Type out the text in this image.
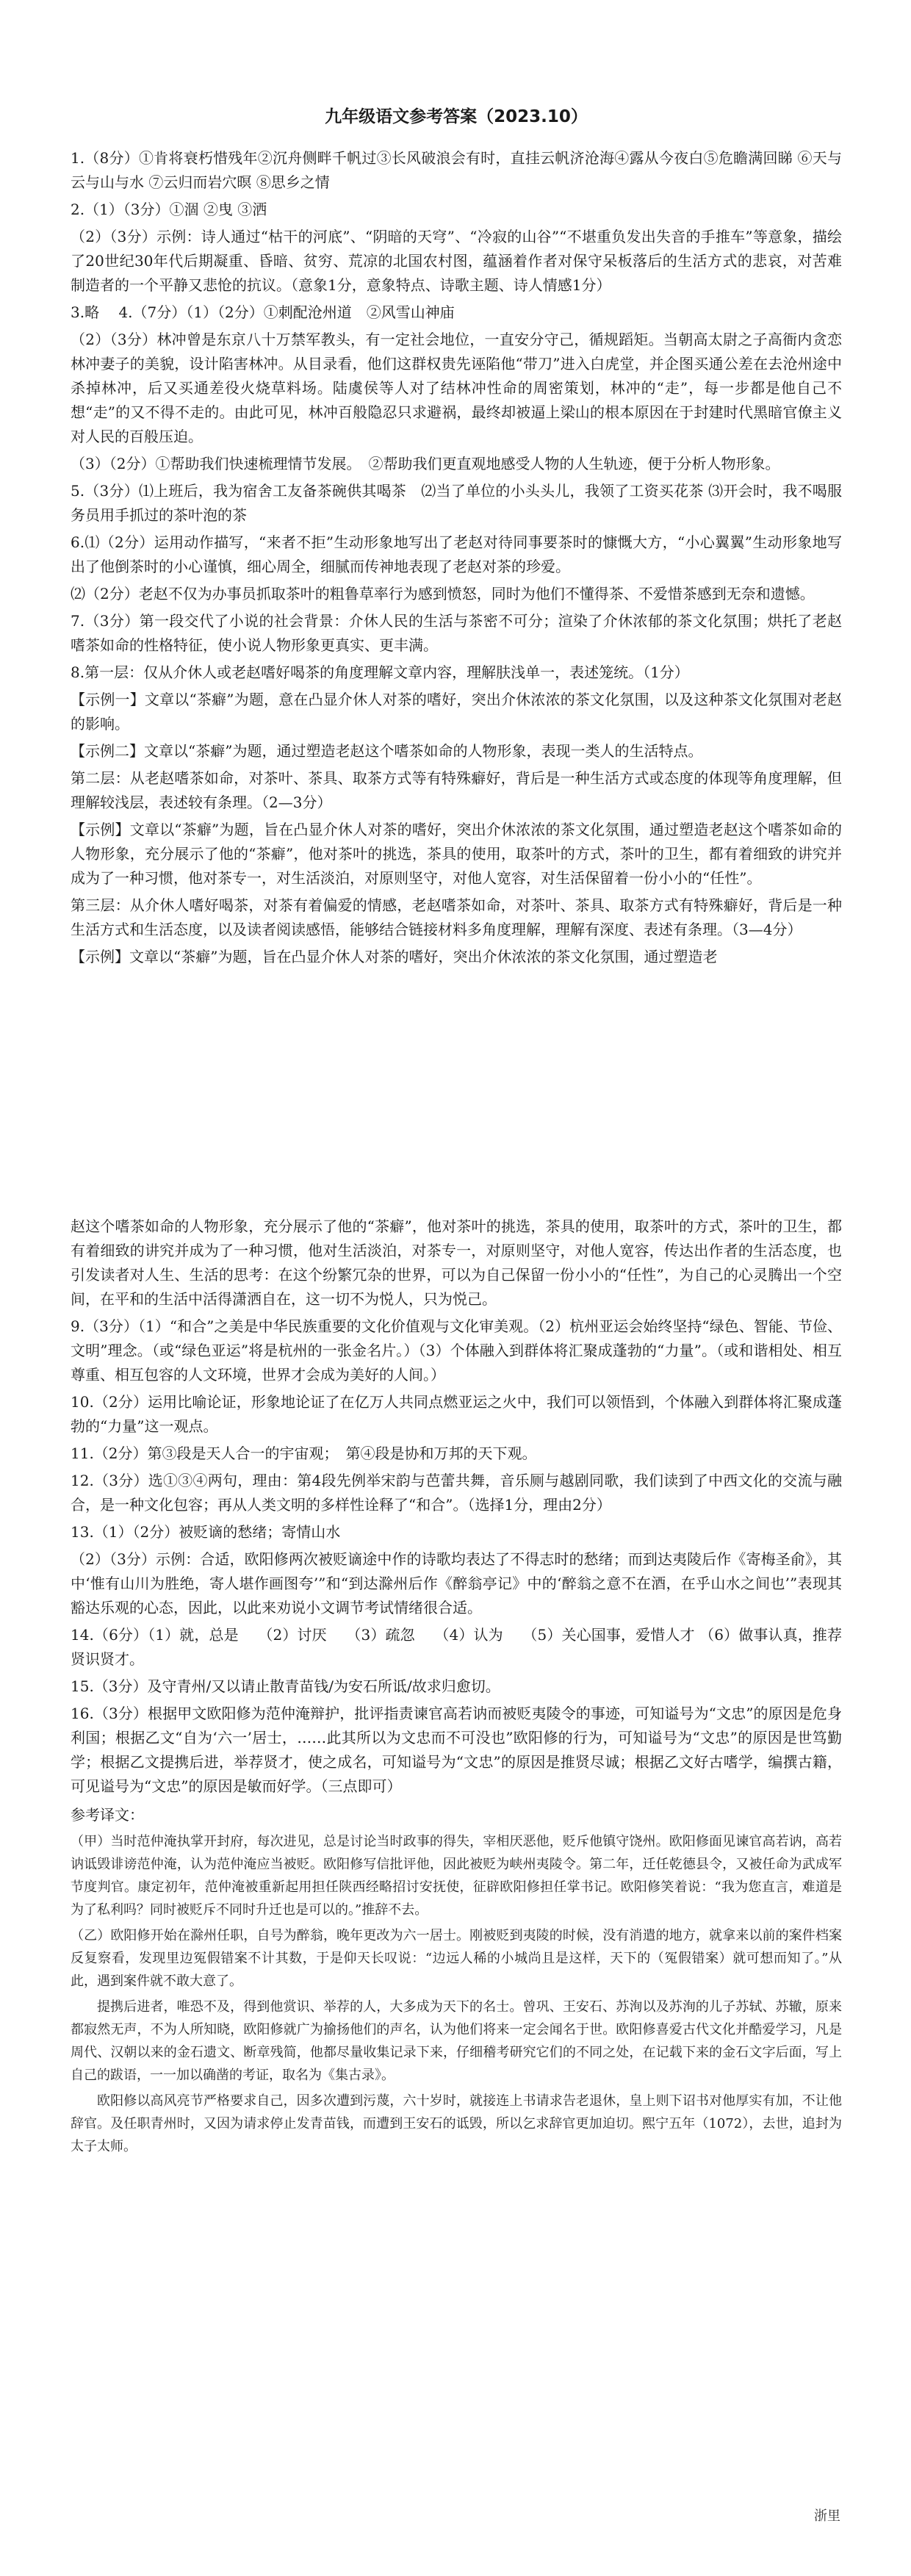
九年级语文参考答案（2023.10）

1.（8分）①肯将衰朽惜残年②沉舟侧畔千帆过③长风破浪会有时，直挂云帆济沧海④露从今夜白⑤危瞻满回睇 ⑥天与云与山与水 ⑦云归而岩穴暝 ⑧思乡之情

2.（1）（3分）①涸 ②曳 ③洒

（2）（3分）示例：诗人通过“枯干的河底”、“阴暗的天穹”、“冷寂的山谷”“不堪重负发出失音的手推车”等意象，描绘了20世纪30年代后期凝重、昏暗、贫穷、荒凉的北国农村图，蕴涵着作者对保守呆板落后的生活方式的悲哀，对苦难制造者的一个平静又悲怆的抗议。（意象1分，意象特点、诗歌主题、诗人情感1分）

3.略　 4.（7分）（1）（2分）①刺配沧州道　②风雪山神庙

（2）（3分）林冲曾是东京八十万禁军教头，有一定社会地位，一直安分守己，循规蹈矩。当朝高太尉之子高衙内贪恋林冲妻子的美貌，设计陷害林冲。从目录看，他们这群权贵先诬陷他“带刀”进入白虎堂，并企图买通公差在去沧州途中杀掉林冲，后又买通差役火烧草料场。陆虞侯等人对了结林冲性命的周密策划，林冲的“走”，每一步都是他自己不想“走”的又不得不走的。由此可见，林冲百般隐忍只求避祸，最终却被逼上梁山的根本原因在于封建时代黑暗官僚主义对人民的百般压迫。

（3）（2分）①帮助我们快速梳理情节发展。　②帮助我们更直观地感受人物的人生轨迹，便于分析人物形象。

5.（3分）⑴上班后，我为宿舍工友备茶碗供其喝茶　⑵当了单位的小头头儿，我领了工资买花茶 ⑶开会时，我不喝服务员用手抓过的茶叶泡的茶

6.⑴（2分）运用动作描写，“来者不拒”生动形象地写出了老赵对待同事要茶时的慷慨大方，“小心翼翼”生动形象地写出了他倒茶时的小心谨慎，细心周全，细腻而传神地表现了老赵对茶的珍爱。

⑵（2分）老赵不仅为办事员抓取茶叶的粗鲁草率行为感到愤怒，同时为他们不懂得茶、不爱惜茶感到无奈和遗憾。

7.（3分）第一段交代了小说的社会背景：介休人民的生活与茶密不可分；渲染了介休浓郁的茶文化氛围；烘托了老赵嗜茶如命的性格特征，使小说人物形象更真实、更丰满。

8.第一层：仅从介休人或老赵嗜好喝茶的角度理解文章内容，理解肤浅单一，表述笼统。（1分）

【示例一】文章以“茶癖”为题，意在凸显介休人对茶的嗜好，突出介休浓浓的茶文化氛围，以及这种茶文化氛围对老赵的影响。

【示例二】文章以“茶癖”为题，通过塑造老赵这个嗜茶如命的人物形象，表现一类人的生活特点。

第二层：从老赵嗜茶如命，对茶叶、茶具、取茶方式等有特殊癖好，背后是一种生活方式或态度的体现等角度理解，但理解较浅层，表述较有条理。（2—3分）

【示例】文章以“茶癖”为题，旨在凸显介休人对茶的嗜好，突出介休浓浓的茶文化氛围，通过塑造老赵这个嗜茶如命的人物形象，充分展示了他的“茶癖”，他对茶叶的挑选，茶具的使用，取茶叶的方式，茶叶的卫生，都有着细致的讲究并成为了一种习惯，他对茶专一，对生活淡泊，对原则坚守，对他人宽容，对生活保留着一份小小的“任性”。

第三层：从介休人嗜好喝茶，对茶有着偏爱的情感，老赵嗜茶如命，对茶叶、茶具、取茶方式有特殊癖好，背后是一种生活方式和生活态度，以及读者阅读感悟，能够结合链接材料多角度理解，理解有深度、表述有条理。（3—4分）

【示例】文章以“茶癖”为题，旨在凸显介休人对茶的嗜好，突出介休浓浓的茶文化氛围，通过塑造老

赵这个嗜茶如命的人物形象，充分展示了他的“茶癖”，他对茶叶的挑选，茶具的使用，取茶叶的方式，茶叶的卫生，都有着细致的讲究并成为了一种习惯，他对生活淡泊，对茶专一，对原则坚守，对他人宽容，传达出作者的生活态度，也引发读者对人生、生活的思考：在这个纷繁冗杂的世界，可以为自己保留一份小小的“任性”，为自己的心灵腾出一个空间，在平和的生活中活得潇洒自在，这一切不为悦人，只为悦己。

9.（3分）（1）“和合”之美是中华民族重要的文化价值观与文化审美观。（2）杭州亚运会始终坚持“绿色、智能、节俭、文明”理念。（或“绿色亚运”将是杭州的一张金名片。）（3）个体融入到群体将汇聚成蓬勃的“力量”。（或和谐相处、相互尊重、相互包容的人文环境，世界才会成为美好的人间。）

10.（2分）运用比喻论证，形象地论证了在亿万人共同点燃亚运之火中，我们可以领悟到，个体融入到群体将汇聚成蓬勃的“力量”这一观点。

11.（2分）第③段是天人合一的宇宙观；　第④段是协和万邦的天下观。

12.（3分）选①③④两句，理由：第4段先例举宋韵与芭蕾共舞，音乐厕与越剧同歌，我们读到了中西文化的交流与融合，是一种文化包容；再从人类文明的多样性诠释了“和合”。（选择1分，理由2分）

13.（1）（2分）被贬谪的愁绪；寄情山水

（2）（3分）示例：合适，欧阳修两次被贬谪途中作的诗歌均表达了不得志时的愁绪；而到达夷陵后作《寄梅圣俞》，其中‘惟有山川为胜绝，寄人堪作画图夸’”和“到达滁州后作《醉翁亭记》中的‘醉翁之意不在酒，在乎山水之间也’”表现其豁达乐观的心态，因此，以此来劝说小文调节考试情绪很合适。

14.（6分）（1）就，总是　 （2）讨厌　 （3）疏忽　 （4）认为　 （5）关心国事，爱惜人才 （6）做事认真，推荐贤识贤才。

15.（3分）及守青州/又以请止散青苗钱/为安石所诋/故求归愈切。

16.（3分）根据甲文欧阳修为范仲淹辩护，批评指责谏官高若讷而被贬夷陵令的事迹，可知谥号为“文忠”的原因是危身利国；根据乙文“自为‘六一’居士，……此其所以为文忠而不可没也”欧阳修的行为，可知谥号为“文忠”的原因是世笃勤学；根据乙文提携后进，举荐贤才，使之成名，可知谥号为“文忠”的原因是推贤尽诚；根据乙文好古嗜学，编撰古籍，可见谥号为“文忠”的原因是敏而好学。（三点即可）

参考译文：

（甲）当时范仲淹执掌开封府，每次进见，总是讨论当时政事的得失，宰相厌恶他，贬斥他镇守饶州。欧阳修面见谏官高若讷，高若讷诋毁诽谤范仲淹，认为范仲淹应当被贬。欧阳修写信批评他，因此被贬为峡州夷陵令。第二年，迁任乾德县令，又被任命为武成军节度判官。康定初年，范仲淹被重新起用担任陕西经略招讨安抚使，征辟欧阳修担任掌书记。欧阳修笑着说：“我为您直言，难道是为了私利吗？同时被贬斥不同时升迁也是可以的。”推辞不去。

（乙）欧阳修开始在滁州任职，自号为醉翁，晚年更改为六一居士。刚被贬到夷陵的时候，没有消遣的地方，就拿来以前的案件档案反复察看，发现里边冤假错案不计其数，于是仰天长叹说：“边远人稀的小城尚且是这样，天下的（冤假错案）就可想而知了。”从此，遇到案件就不敢大意了。

提携后进者，唯恐不及，得到他赏识、举荐的人，大多成为天下的名士。曾巩、王安石、苏洵以及苏洵的儿子苏轼、苏辙，原来都寂然无声，不为人所知晓，欧阳修就广为揄扬他们的声名，认为他们将来一定会闻名于世。欧阳修喜爱古代文化并酷爱学习，凡是周代、汉朝以来的金石遗文、断章残简，他都尽量收集记录下来，仔细稽考研究它们的不同之处，在记载下来的金石文字后面，写上自己的跋语，一一加以确凿的考证，取名为《集古录》。

欧阳修以高风亮节严格要求自己，因多次遭到污蔑，六十岁时，就接连上书请求告老退休，皇上则下诏书对他厚实有加，不让他辞官。及任职青州时，又因为请求停止发青苗钱，而遭到王安石的诋毁，所以乞求辞官更加迫切。熙宁五年（1072），去世，追封为太子太师。

浙里
